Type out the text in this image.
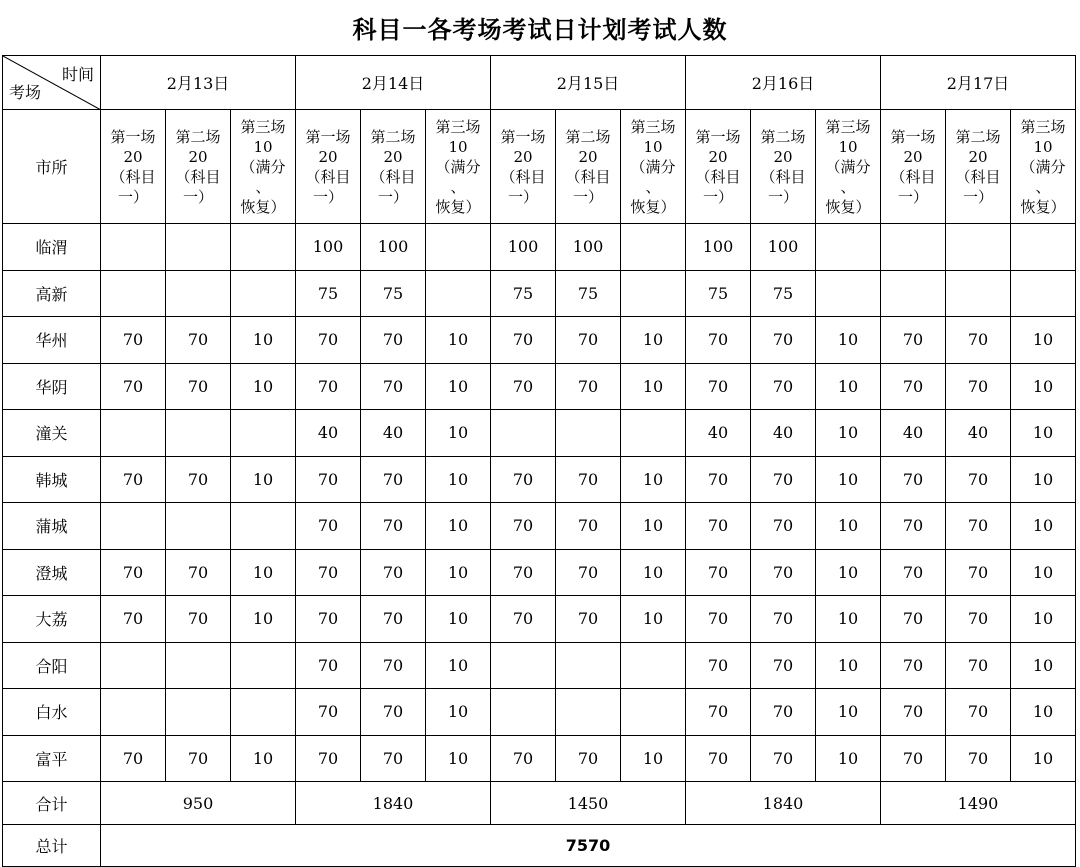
科目一各考场考试日计划考试人数
时间
考场	2月13日			2月14日			2月15日			2月16日			2月17日		
市所	第一场
20
（科目
一）	第二场
20
（科目
一）	第三场
10
（满分
、
恢复）	第一场
20
（科目
一）	第二场
20
（科目
一）	第三场
10
（满分
、
恢复）	第一场
20
（科目
一）	第二场
20
（科目
一）	第三场
10
（满分
、
恢复）	第一场
20
（科目
一）	第二场
20
（科目
一）	第三场
10
（满分
、
恢复）	第一场
20
（科目
一）	第二场
20
（科目
一）	第三场
10
（满分
、
恢复）

临渭				100	100		100	100		100	100				
高新				75	75		75	75		75	75				
华州	70	70	10	70	70	10	70	70	10	70	70	10	70	70	10
华阴	70	70	10	70	70	10	70	70	10	70	70	10	70	70	10
潼关				40	40	10				40	40	10	40	40	10
韩城	70	70	10	70	70	10	70	70	10	70	70	10	70	70	10
蒲城				70	70	10	70	70	10	70	70	10	70	70	10
澄城	70	70	10	70	70	10	70	70	10	70	70	10	70	70	10
大荔	70	70	10	70	70	10	70	70	10	70	70	10	70	70	10
合阳				70	70	10				70	70	10	70	70	10
白水				70	70	10				70	70	10	70	70	10
富平	70	70	10	70	70	10	70	70	10	70	70	10	70	70	10
合计	950			1840			1450			1840			1490		
总计	7570														
